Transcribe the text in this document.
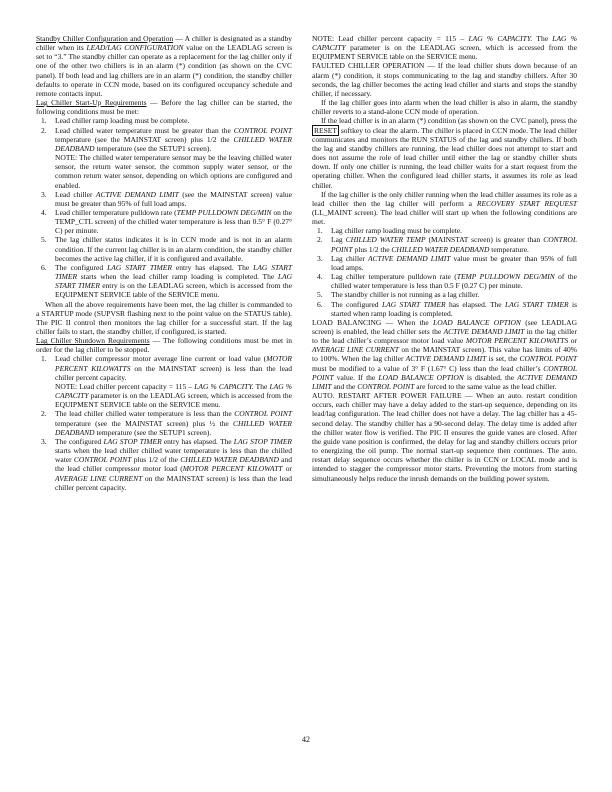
Standby Chiller Configuration and Operation — A chiller is designated as a standby chiller when its LEAD/LAG CONFIGURATION value on the LEADLAG screen is set to “3.” The standby chiller can operate as a replacement for the lag chiller only if one of the other two chillers is in an alarm (*) condition (as shown on the CVC panel). If both lead and lag chillers are in an alarm (*) condition, the standby chiller defaults to operate in CCN mode, based on its configured occupancy schedule and remote contacts input.

Lag Chiller Start-Up Requirements — Before the lag chiller can be started, the following conditions must be met:

1. Lead chiller ramp loading must be complete.
2. Lead chilled water temperature must be greater than the CONTROL POINT temperature (see the MAINSTAT screen) plus 1/2 the CHILLED WATER DEADBAND temperature (see the SETUP1 screen).

NOTE: The chilled water temperature sensor may be the leaving chilled water sensor, the return water sensor, the common supply water sensor, or the common return water sensor, depending on which options are configured and enabled.

3. Lead chiller ACTIVE DEMAND LIMIT (see the MAINSTAT screen) value must be greater than 95% of full load amps.
4. Lead chiller temperature pulldown rate (TEMP PULLDOWN DEG/MIN on the TEMP_CTL screen) of the chilled water temperature is less than 0.5° F (0.27° C) per minute.
5. The lag chiller status indicates it is in CCN mode and is not in an alarm condition. If the current lag chiller is in an alarm condition, the standby chiller becomes the active lag chiller, if it is configured and available.
6. The configured LAG START TIMER entry has elapsed. The LAG START TIMER starts when the lead chiller ramp loading is completed. The LAG START TIMER entry is on the LEADLAG screen, which is accessed from the EQUIPMENT SERVICE table of the SERVICE menu.

When all the above requirements have been met, the lag chiller is commanded to a STARTUP mode (SUPVSR flashing next to the point value on the STATUS table). The PIC II control then monitors the lag chiller for a successful start. If the lag chiller fails to start, the standby chiller, if configured, is started.

Lag Chiller Shutdown Requirements — The following conditions must be met in order for the lag chiller to be stopped.

1. Lead chiller compressor motor average line current or load value (MOTOR PERCENT KILOWATTS on the MAINSTAT screen) is less than the lead chiller percent capacity.

NOTE: Lead chiller percent capacity = 115 – LAG % CAPACITY. The LAG % CAPACITY parameter is on the LEADLAG screen, which is accessed from the EQUIPMENT SERVICE table on the SERVICE menu.

2. The lead chiller chilled water temperature is less than the CONTROL POINT temperature (see the MAINSTAT screen) plus ½ the CHILLED WATER DEADBAND temperature (see the SETUP1 screen).
3. The configured LAG STOP TIMER entry has elapsed. The LAG STOP TIMER starts when the lead chiller chilled water temperature is less than the chilled water CONTROL POINT plus 1/2 of the CHILLED WATER DEADBAND and the lead chiller compressor motor load (MOTOR PERCENT KILOWATT or AVERAGE LINE CURRENT on the MAINSTAT screen) is less than the lead chiller percent capacity.

NOTE: Lead chiller percent capacity = 115 – LAG % CAPACITY. The LAG % CAPACITY parameter is on the LEADLAG screen, which is accessed from the EQUIPMENT SERVICE table on the SERVICE menu.

FAULTED CHILLER OPERATION — If the lead chiller shuts down because of an alarm (*) condition, it stops communicating to the lag and standby chillers. After 30 seconds, the lag chiller becomes the acting lead chiller and starts and stops the standby chiller, if necessary.

If the lag chiller goes into alarm when the lead chiller is also in alarm, the standby chiller reverts to a stand-alone CCN mode of operation.

If the lead chiller is in an alarm (*) condition (as shown on the CVC panel), press the RESET softkey to clear the alarm. The chiller is placed in CCN mode. The lead chiller communicates and monitors the RUN STATUS of the lag and standby chillers. If both the lag and standby chillers are running, the lead chiller does not attempt to start and does not assume the role of lead chiller until either the lag or standby chiller shuts down. If only one chiller is running, the lead chiller waits for a start request from the operating chiller. When the configured lead chiller starts, it assumes its role as lead chiller.

If the lag chiller is the only chiller running when the lead chiller assumes its role as a lead chiller then the lag chiller will perform a RECOVERY START REQUEST (LL_MAINT screen). The lead chiller will start up when the following conditions are met.

1. Lag chiller ramp loading must be complete.
2. Lag CHILLED WATER TEMP (MAINSTAT screen) is greater than CONTROL POINT plus 1/2 the CHILLED WATER DEADBAND temperature.
3. Lag chiller ACTIVE DEMAND LIMIT value must be greater than 95% of full load amps.
4. Lag chiller temperature pulldown rate (TEMP PULLDOWN DEG/MIN of the chilled water temperature is less than 0.5 F (0.27 C) per minute.
5. The standby chiller is not running as a lag chiller.
6. The configured LAG START TIMER has elapsed. The LAG START TIMER is started when ramp loading is completed.

LOAD BALANCING — When the LOAD BALANCE OPTION (see LEADLAG screen) is enabled, the lead chiller sets the ACTIVE DEMAND LIMIT in the lag chiller to the lead chiller’s compressor motor load value MOTOR PERCENT KILOWATTS or AVERAGE LINE CURRENT on the MAINSTAT screen). This value has limits of 40% to 100%. When the lag chiller ACTIVE DEMAND LIMIT is set, the CONTROL POINT must be modified to a value of 3° F (1.67° C) less than the lead chiller’s CONTROL POINT value. If the LOAD BALANCE OPTION is disabled, the ACTIVE DEMAND LIMIT and the CONTROL POINT are forced to the same value as the lead chiller.

AUTO. RESTART AFTER POWER FAILURE — When an auto. restart condition occurs, each chiller may have a delay added to the start-up sequence, depending on its lead/lag configuration. The lead chiller does not have a delay. The lag chiller has a 45-second delay. The standby chiller has a 90-second delay. The delay time is added after the chiller water flow is verified. The PIC II ensures the guide vanes are closed. After the guide vane position is confirmed, the delay for lag and standby chillers occurs prior to energizing the oil pump. The normal start-up sequence then continues. The auto. restart delay sequence occurs whether the chiller is in CCN or LOCAL mode and is intended to stagger the compressor motor starts. Preventing the motors from starting simultaneously helps reduce the inrush demands on the building power system.

42
